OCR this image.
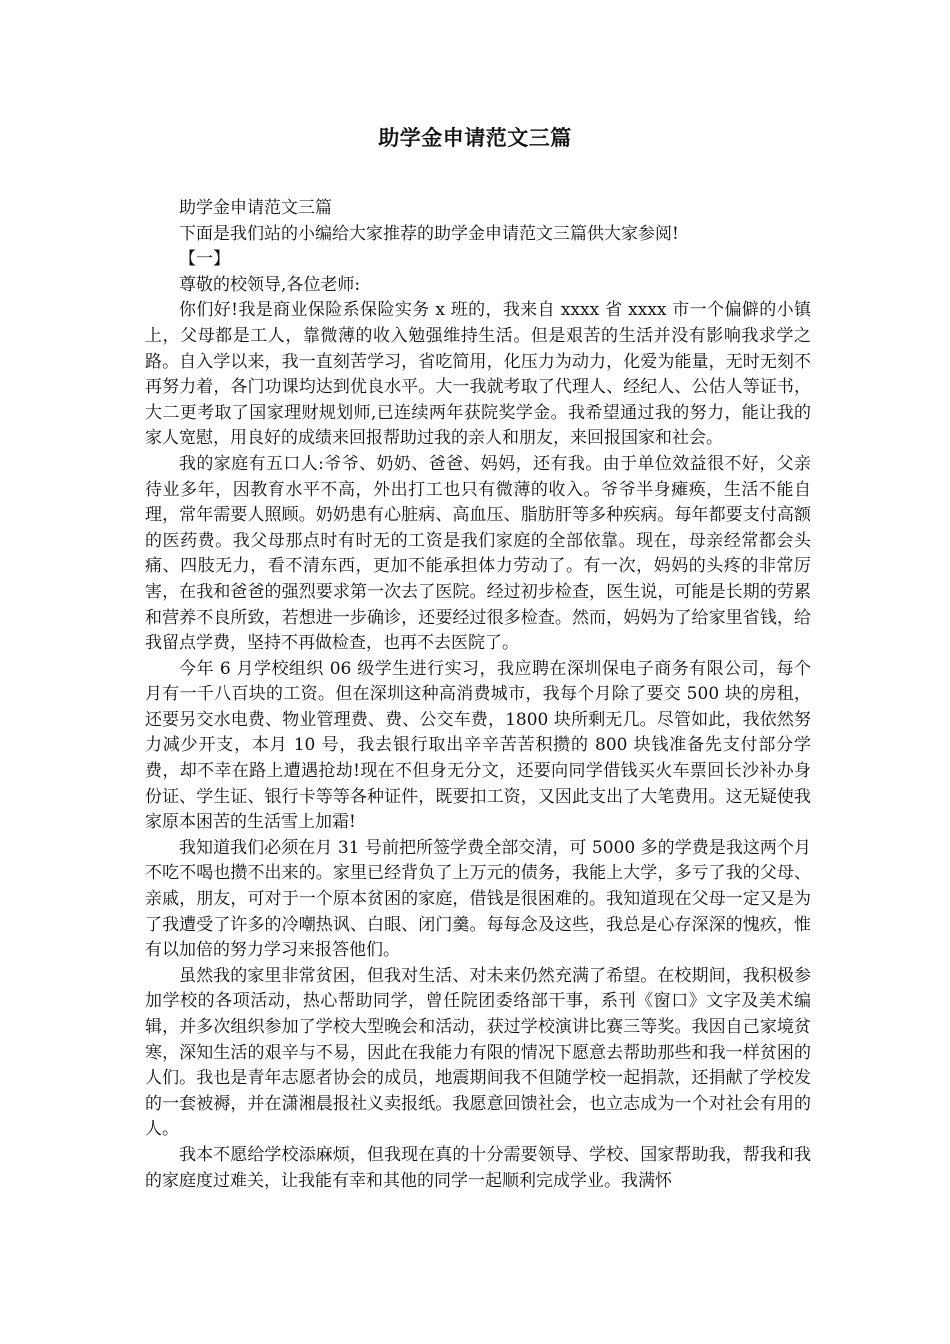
助学金申请范文三篇

助学金申请范文三篇

下面是我们站的小编给大家推荐的助学金申请范文三篇供大家参阅!

【一】

尊敬的校领导,各位老师:

你们好!我是商业保险系保险实务 x 班的，我来自 xxxx 省 xxxx 市一个偏僻的小镇上，父母都是工人，靠微薄的收入勉强维持生活。但是艰苦的生活并没有影响我求学之路。自入学以来，我一直刻苦学习，省吃简用，化压力为动力，化爱为能量，无时无刻不再努力着，各门功课均达到优良水平。大一我就考取了代理人、经纪人、公估人等证书，大二更考取了国家理财规划师,已连续两年获院奖学金。我希望通过我的努力，能让我的家人宽慰，用良好的成绩来回报帮助过我的亲人和朋友，来回报国家和社会。

我的家庭有五口人:爷爷、奶奶、爸爸、妈妈，还有我。由于单位效益很不好，父亲待业多年，因教育水平不高，外出打工也只有微薄的收入。爷爷半身瘫痪，生活不能自理，常年需要人照顾。奶奶患有心脏病、高血压、脂肪肝等多种疾病。每年都要支付高额的医药费。我父母那点时有时无的工资是我们家庭的全部依靠。现在，母亲经常都会头痛、四肢无力，看不清东西，更加不能承担体力劳动了。有一次，妈妈的头疼的非常厉害，在我和爸爸的强烈要求第一次去了医院。经过初步检查，医生说，可能是长期的劳累和营养不良所致，若想进一步确诊，还要经过很多检查。然而，妈妈为了给家里省钱，给我留点学费，坚持不再做检查，也再不去医院了。

今年 6 月学校组织 06 级学生进行实习，我应聘在深圳保电子商务有限公司，每个月有一千八百块的工资。但在深圳这种高消费城市，我每个月除了要交 500 块的房租，还要另交水电费、物业管理费、费、公交车费，1800 块所剩无几。尽管如此，我依然努力减少开支，本月 10 号，我去银行取出辛辛苦苦积攒的 800 块钱准备先支付部分学费，却不幸在路上遭遇抢劫!现在不但身无分文，还要向同学借钱买火车票回长沙补办身份证、学生证、银行卡等等各种证件，既要扣工资，又因此支出了大笔费用。这无疑使我家原本困苦的生活雪上加霜!

我知道我们必须在月 31 号前把所签学费全部交清，可 5000 多的学费是我这两个月不吃不喝也攒不出来的。家里已经背负了上万元的债务，我能上大学，多亏了我的父母、亲戚，朋友，可对于一个原本贫困的家庭，借钱是很困难的。我知道现在父母一定又是为了我遭受了许多的冷嘲热讽、白眼、闭门羹。每每念及这些，我总是心存深深的愧疚，惟有以加倍的努力学习来报答他们。

虽然我的家里非常贫困，但我对生活、对未来仍然充满了希望。在校期间，我积极参加学校的各项活动，热心帮助同学，曾任院团委络部干事，系刊《窗口》文字及美术编辑，并多次组织参加了学校大型晚会和活动，获过学校演讲比赛三等奖。我因自己家境贫寒，深知生活的艰辛与不易，因此在我能力有限的情况下愿意去帮助那些和我一样贫困的人们。我也是青年志愿者协会的成员，地震期间我不但随学校一起捐款，还捐献了学校发的一套被褥，并在潇湘晨报社义卖报纸。我愿意回馈社会，也立志成为一个对社会有用的人。

我本不愿给学校添麻烦，但我现在真的十分需要领导、学校、国家帮助我，帮我和我的家庭度过难关，让我能有幸和其他的同学一起顺利完成学业。我满怀
